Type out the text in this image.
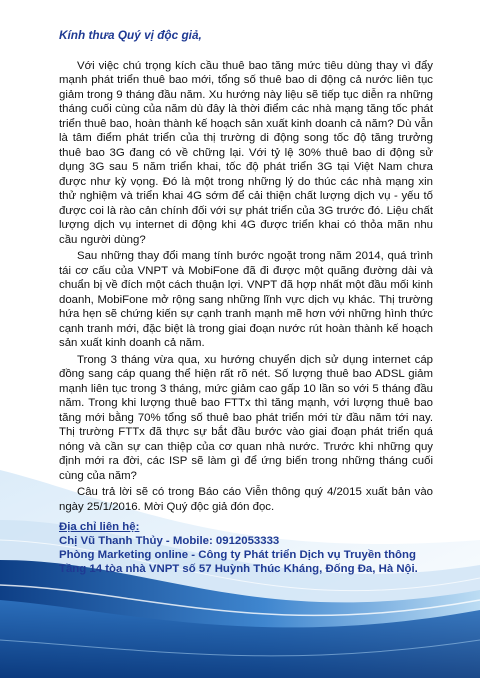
Kính thưa Quý vị độc giả,

Với việc chú trọng kích cầu thuê bao tăng mức tiêu dùng thay vì đẩy mạnh phát triển thuê bao mới, tổng số thuê bao di động cả nước liên tục giảm trong 9 tháng đầu năm. Xu hướng này liệu sẽ tiếp tục diễn ra những tháng cuối cùng của năm dù đây là thời điểm các nhà mạng tăng tốc phát triển thuê bao, hoàn thành kế hoạch sản xuất kinh doanh cả năm? Dù vẫn là tâm điểm phát triển của thị trường di động song tốc độ tăng trưởng thuê bao 3G đang có về chững lại. Với tỷ lệ 30% thuê bao di động sử dụng 3G sau 5 năm triển khai, tốc độ phát triển 3G tại Việt Nam chưa được như kỳ vọng. Đó là một trong những lý do thúc các nhà mạng xin thử nghiệm và triển khai 4G sớm để cải thiện chất lượng dịch vụ - yếu tố được coi là rào cản chính đối với sự phát triển của 3G trước đó. Liệu chất lượng dịch vụ internet di động khi 4G được triển khai có thỏa mãn nhu cầu người dùng?

Sau những thay đổi mang tính bước ngoặt trong năm 2014, quá trình tái cơ cấu của VNPT và MobiFone đã đi được một quãng đường dài và chuẩn bị về đích một cách thuận lợi. VNPT đã hợp nhất một đầu mối kinh doanh, MobiFone mở rộng sang những lĩnh vực dịch vụ khác. Thị trường hứa hẹn sẽ chứng kiến sự cạnh tranh mạnh mẽ hơn với những hình thức cạnh tranh mới, đặc biệt là trong giai đoạn nước rút hoàn thành kế hoạch sản xuất kinh doanh cả năm.

Trong 3 tháng vừa qua, xu hướng chuyển dịch sử dụng internet cáp đồng sang cáp quang thể hiện rất rõ nét. Số lượng thuê bao ADSL giảm mạnh liên tục trong 3 tháng, mức giảm cao gấp 10 lần so với 5 tháng đầu năm. Trong khi lượng thuê bao FTTx thì tăng mạnh, với lượng thuê bao tăng mới bằng 70% tổng số thuê bao phát triển mới từ đầu năm tới nay. Thị trường FTTx đã thực sự bắt đầu bước vào giai đoạn phát triển quá nóng và cần sự can thiệp của cơ quan nhà nước. Trước khi những quy định mới ra đời, các ISP sẽ làm gì để ứng biến trong những tháng cuối cùng của năm?

Câu trả lời sẽ có trong Báo cáo Viễn thông quý 4/2015 xuất bản vào ngày 25/1/2016. Mời Quý độc giả đón đọc.

Địa chỉ liên hệ:

Chị Vũ Thanh Thủy - Mobile: 0912053333

Phòng Marketing online - Công ty Phát triển Dịch vụ Truyền thông

Tầng 14 tòa nhà VNPT số 57 Huỳnh Thúc Kháng, Đống Đa, Hà Nội.
